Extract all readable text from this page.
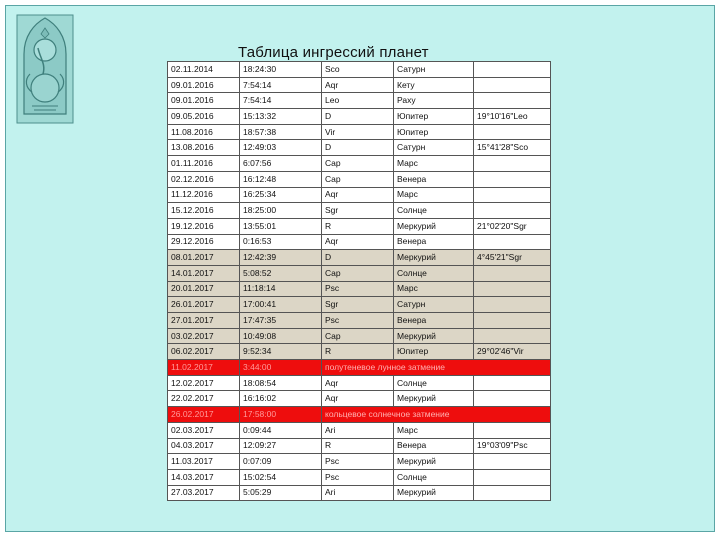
Таблица ингрессий планет
02.11.2014	18:24:30	Sco	Сатурн	
09.01.2016	7:54:14	Aqr	Кету	
09.01.2016	7:54:14	Leo	Раху	
09.05.2016	15:13:32	D	Юпитер	19°10'16"Leo
11.08.2016	18:57:38	Vir	Юпитер	
13.08.2016	12:49:03	D	Сатурн	15°41'28"Sco
01.11.2016	6:07:56	Cap	Марс	
02.12.2016	16:12:48	Cap	Венера	
11.12.2016	16:25:34	Aqr	Марс	
15.12.2016	18:25:00	Sgr	Солнце	
19.12.2016	13:55:01	R	Меркурий	21°02'20"Sgr
29.12.2016	0:16:53	Aqr	Венера	
08.01.2017	12:42:39	D	Меркурий	4°45'21"Sgr
14.01.2017	5:08:52	Cap	Солнце	
20.01.2017	11:18:14	Psc	Марс	
26.01.2017	17:00:41	Sgr	Сатурн	
27.01.2017	17:47:35	Psc	Венера	
03.02.2017	10:49:08	Cap	Меркурий	
06.02.2017	9:52:34	R	Юпитер	29°02'46"Vir
11.02.2017	3:44:00	полутеневое лунное затмение		
12.02.2017	18:08:54	Aqr	Солнце	
22.02.2017	16:16:02	Aqr	Меркурий	
26.02.2017	17:58:00	кольцевое солнечное затмение		
02.03.2017	0:09:44	Ari	Марс	
04.03.2017	12:09:27	R	Венера	19°03'09"Psc
11.03.2017	0:07:09	Psc	Меркурий	
14.03.2017	15:02:54	Psc	Солнце	
27.03.2017	5:05:29	Ari	Меркурий	
